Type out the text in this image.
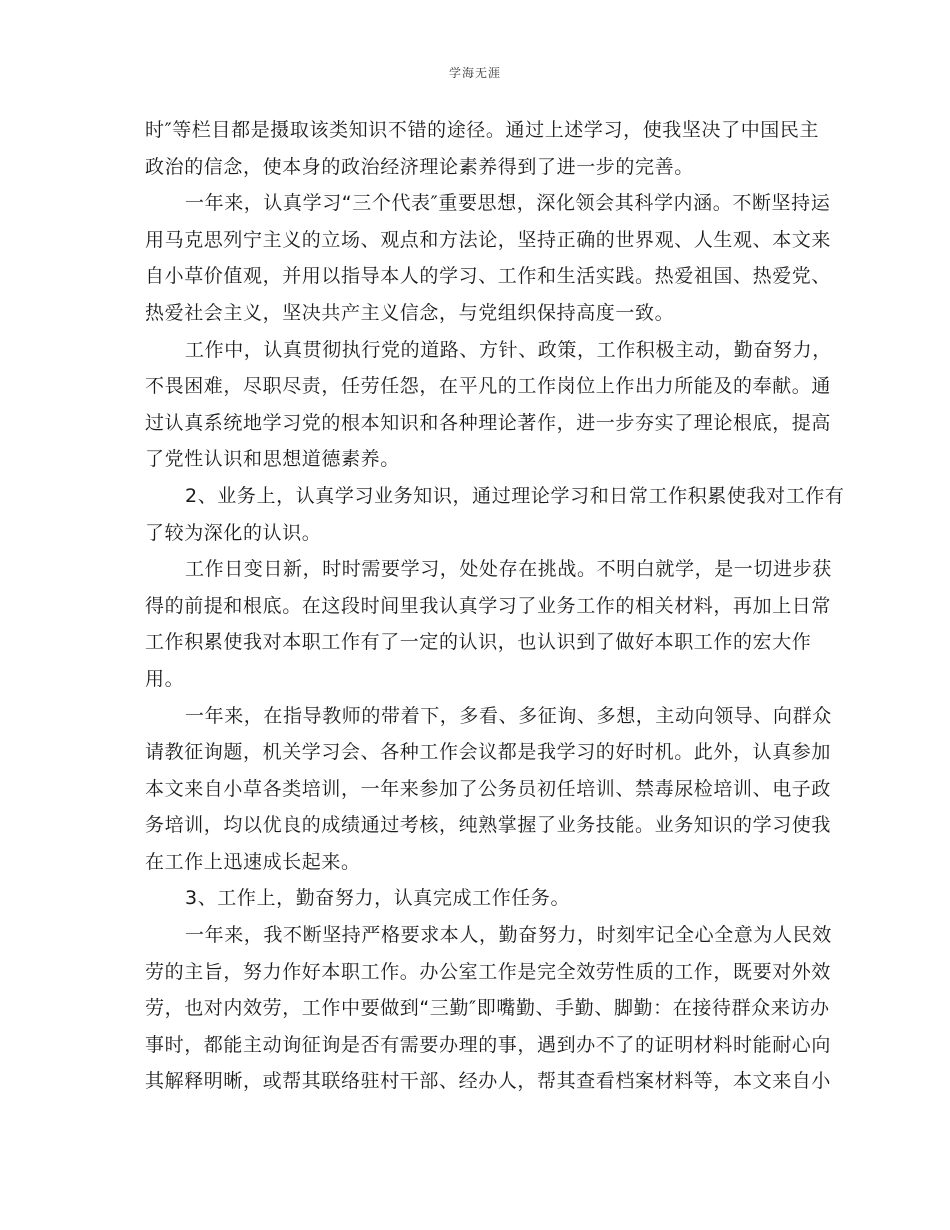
学海无涯
时″等栏目都是摄取该类知识不错的途径。通过上述学习，使我坚决了中国民主
政治的信念，使本身的政治经济理论素养得到了进一步的完善。
一年来，认真学习“三个代表″重要思想，深化领会其科学内涵。不断坚持运
用马克思列宁主义的立场、观点和方法论，坚持正确的世界观、人生观、本文来
自小草价值观，并用以指导本人的学习、工作和生活实践。热爱祖国、热爱党、
热爱社会主义，坚决共产主义信念，与党组织保持高度一致。
工作中，认真贯彻执行党的道路、方针、政策，工作积极主动，勤奋努力，
不畏困难，尽职尽责，任劳任怨，在平凡的工作岗位上作出力所能及的奉献。通
过认真系统地学习党的根本知识和各种理论著作，进一步夯实了理论根底，提高
了党性认识和思想道德素养。
2、业务上，认真学习业务知识，通过理论学习和日常工作积累使我对工作有
了较为深化的认识。
工作日变日新，时时需要学习，处处存在挑战。不明白就学，是一切进步获
得的前提和根底。在这段时间里我认真学习了业务工作的相关材料，再加上日常
工作积累使我对本职工作有了一定的认识，也认识到了做好本职工作的宏大作
用。
一年来，在指导教师的带着下，多看、多征询、多想，主动向领导、向群众
请教征询题，机关学习会、各种工作会议都是我学习的好时机。此外，认真参加
本文来自小草各类培训，一年来参加了公务员初任培训、禁毒尿检培训、电子政
务培训，均以优良的成绩通过考核，纯熟掌握了业务技能。业务知识的学习使我
在工作上迅速成长起来。
3、工作上，勤奋努力，认真完成工作任务。
一年来，我不断坚持严格要求本人，勤奋努力，时刻牢记全心全意为人民效
劳的主旨，努力作好本职工作。办公室工作是完全效劳性质的工作，既要对外效
劳，也对内效劳，工作中要做到“三勤″即嘴勤、手勤、脚勤：在接待群众来访办
事时，都能主动询征询是否有需要办理的事，遇到办不了的证明材料时能耐心向
其解释明晰，或帮其联络驻村干部、经办人，帮其查看档案材料等，本文来自小
